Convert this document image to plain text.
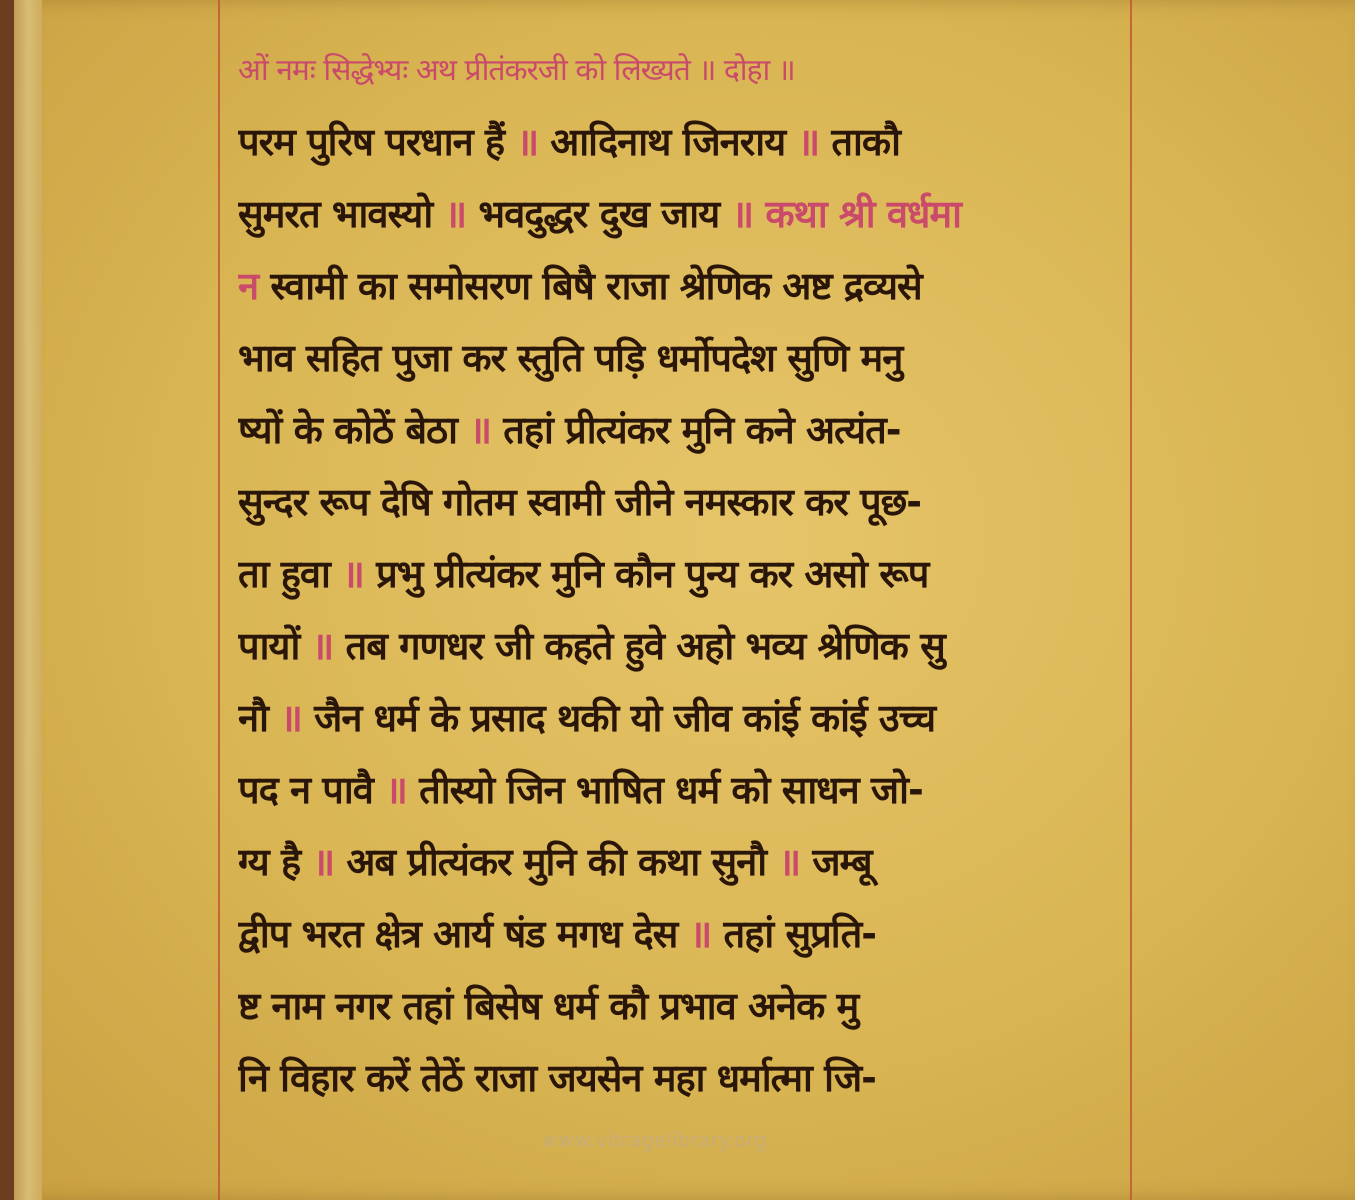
ओं नमः सिद्धेभ्यः अथ प्रीतंकरजी को लिख्यते ॥ दोहा ॥
परम पुरिष परधान हैं ॥ आदिनाथ जिनराय ॥ ताकौ
सुमरत भावस्यो ॥ भवदुद्धर दुख जाय ॥ कथा श्री वर्धमा
न स्वामी का समोसरण बिषै राजा श्रेणिक अष्ट द्रव्यसे
भाव सहित पुजा कर स्तुति पड़ि धर्मोपदेश सुणि मनु
ष्यों के कोठें बेठा ॥ तहां प्रीत्यंकर मुनि कने अत्यंत-
सुन्दर रूप देषि गोतम स्वामी जीने नमस्कार कर पूछ-
ता हुवा ॥ प्रभु प्रीत्यंकर मुनि कौन पुन्य कर असो रूप
पायों ॥ तब गणधर जी कहते हुवे अहो भव्य श्रेणिक सु
नौ ॥ जैन धर्म के प्रसाद थकी यो जीव कांई कांई उच्च
पद न पावै ॥ तीस्यो जिन भाषित धर्म को साधन जो-
ग्य है ॥ अब प्रीत्यंकर मुनि की कथा सुनौ ॥ जम्बू
द्वीप भरत क्षेत्र आर्य षंड मगध देस ॥ तहां सुप्रति-
ष्ट नाम नगर तहां बिसेष धर्म कौ प्रभाव अनेक मु
नि विहार करें तेठें राजा जयसेन महा धर्मात्मा जि-
www.vitragelibrary.org
